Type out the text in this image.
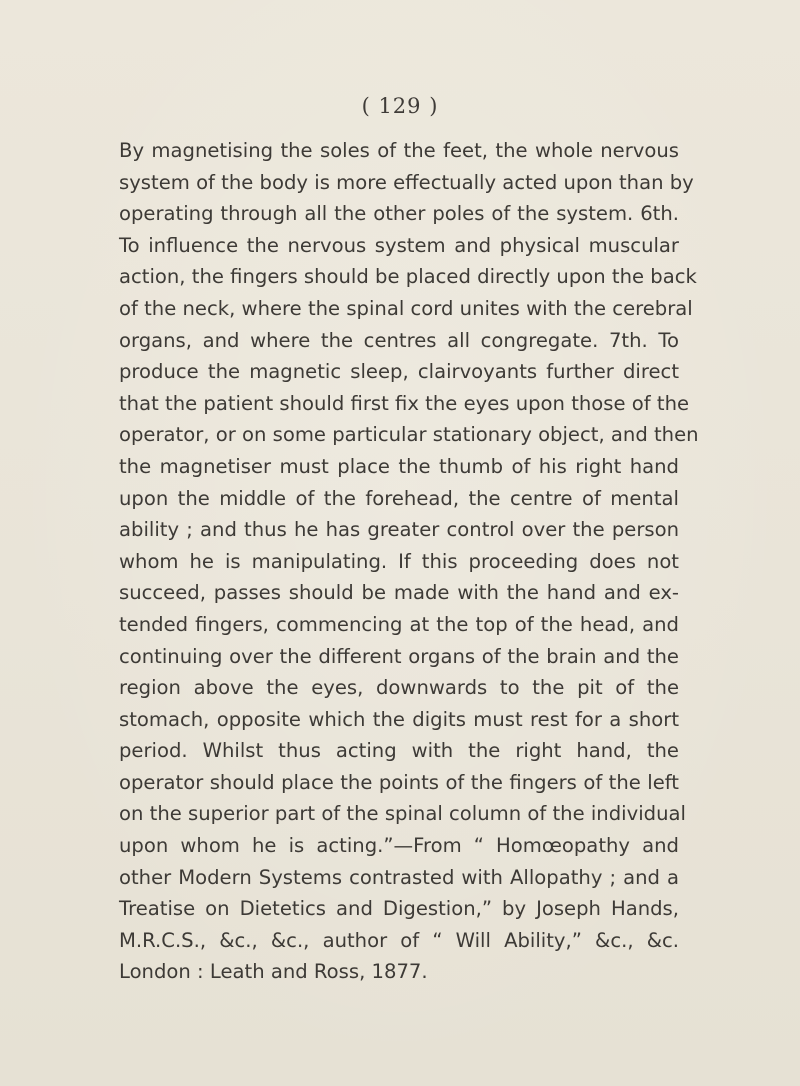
( 129 )
By magnetising the soles of the feet, the whole nervous
system of the body is more effectually acted upon than by
operating through all the other poles of the system. 6th.
To influence the nervous system and physical muscular
action, the fingers should be placed directly upon the back
of the neck, where the spinal cord unites with the cerebral
organs, and where the centres all congregate. 7th. To
produce the magnetic sleep, clairvoyants further direct
that the patient should first fix the eyes upon those of the
operator, or on some particular stationary object, and then
the magnetiser must place the thumb of his right hand
upon the middle of the forehead, the centre of mental
ability ; and thus he has greater control over the person
whom he is manipulating. If this proceeding does not
succeed, passes should be made with the hand and ex-
tended fingers, commencing at the top of the head, and
continuing over the different organs of the brain and the
region above the eyes, downwards to the pit of the
stomach, opposite which the digits must rest for a short
period. Whilst thus acting with the right hand, the
operator should place the points of the fingers of the left
on the superior part of the spinal column of the individual
upon whom he is acting.”—From “ Homœopathy and
other Modern Systems contrasted with Allopathy ; and a
Treatise on Dietetics and Digestion,” by Joseph Hands,
M.R.C.S., &c., &c., author of “ Will Ability,” &c., &c.
London : Leath and Ross, 1877.
